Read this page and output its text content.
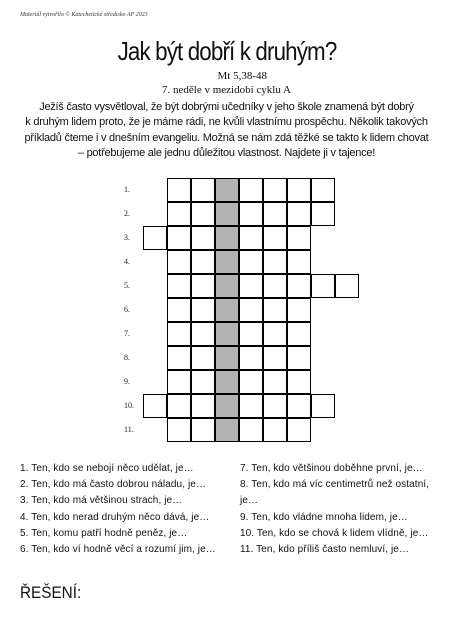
Materiál vytvořilo © Katechetické středisko AP 2023
Jak být dobří k druhým?
Mt 5,38-48
7. neděle v mezidobí cyklu A
Ježíš často vysvětloval, že být dobrými učedníky v jeho škole znamená být dobrý
k druhým lidem proto, že je máme rádi, ne kvůli vlastnímu prospěchu. Několik takových
příkladů čteme i v dnešním evangeliu. Možná se nám zdá těžké se takto k lidem chovat
– potřebujeme ale jednu důležitou vlastnost. Najdete ji v tajence!
1.
2.
3.
4.
5.
6.
7.
8.
9.
10.
11.
1. Ten, kdo se nebojí něco udělat, je…
2. Ten, kdo má často dobrou náladu, je…
3. Ten, kdo má většinou strach, je…
4. Ten, kdo nerad druhým něco dává, je…
5. Ten, komu patří hodně peněz, je…
6. Ten, kdo ví hodně věcí a rozumí jim, je…
7. Ten, kdo většinou doběhne první, je…
8. Ten, kdo má víc centimetrů než ostatní,
je…
9. Ten, kdo vládne mnoha lidem, je…
10. Ten, kdo se chová k lidem vlídně, je…
11. Ten, kdo příliš často nemluví, je…
ŘEŠENÍ:
